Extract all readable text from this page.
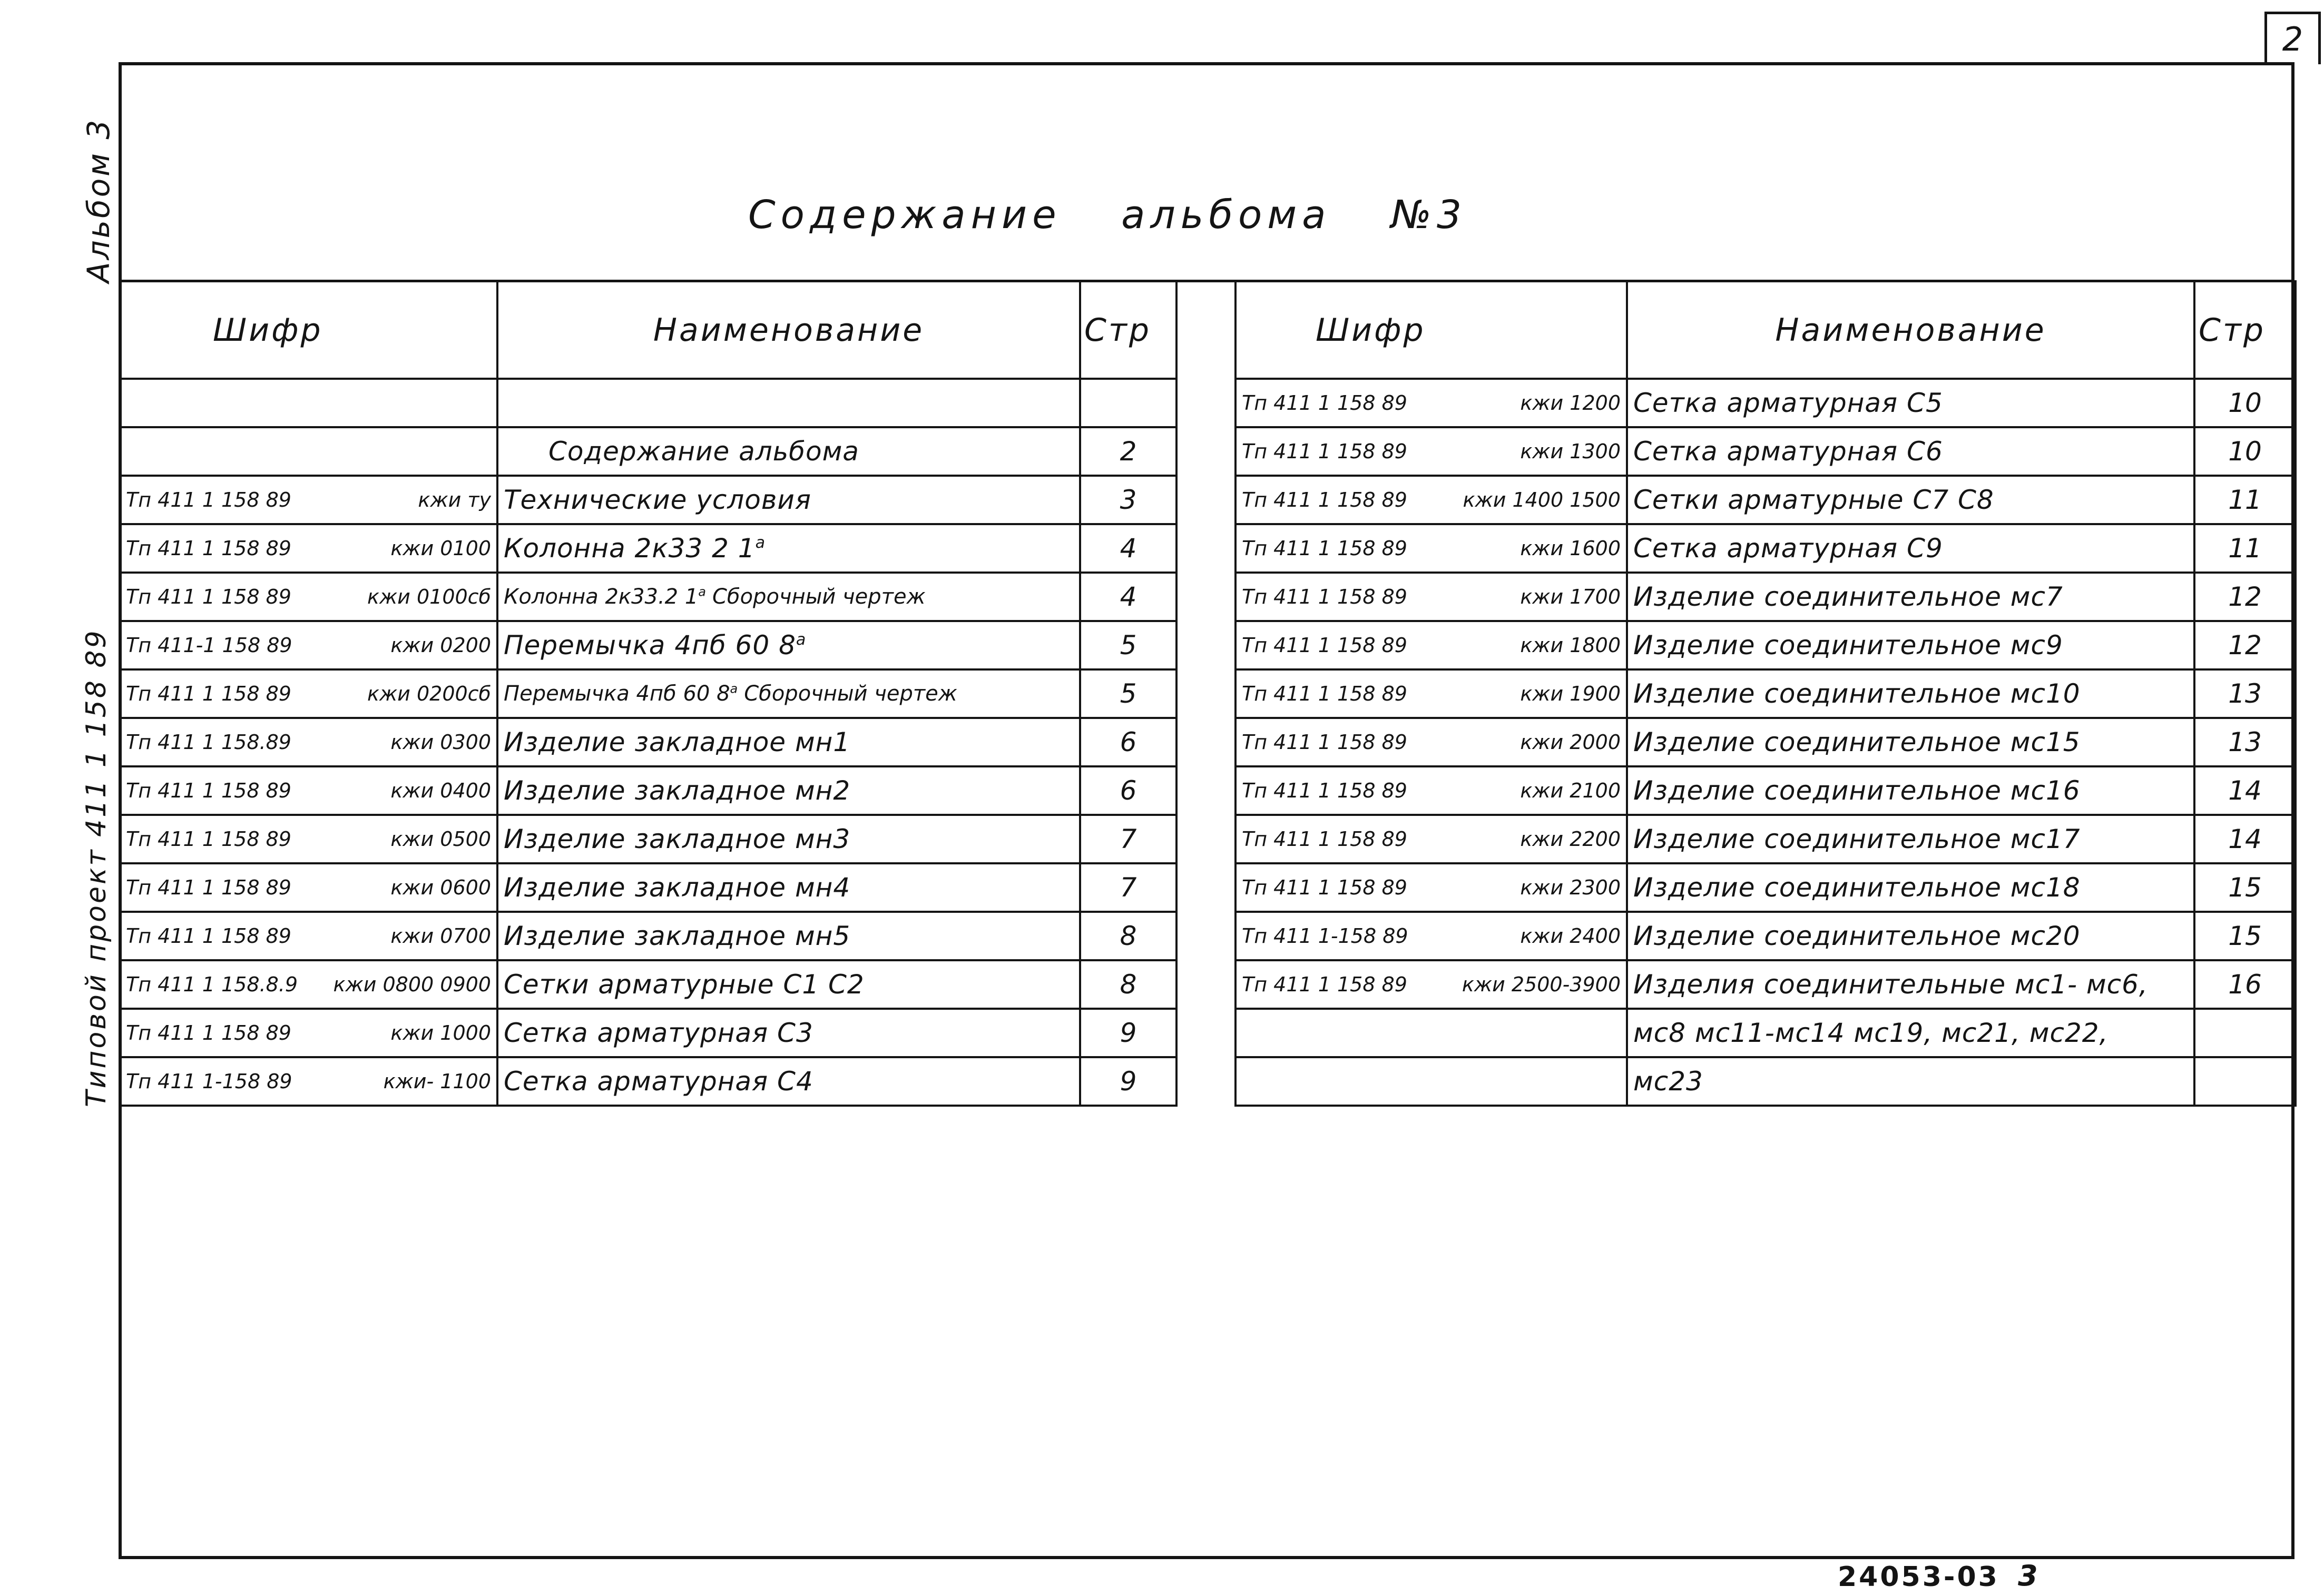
2
Альбом 3
Типовой проект 411 1 158 89
Содержание альбома №3
Шифр	Наименование	Стр

	Содержание альбома	2

Тп 411 1 158 89 кжи ту	Технические условия	3

Тп 411 1 158 89 кжи 0100	Колонна 2к33 2 $1^а$	4

Тп 411 1 158 89 кжи 0100сб	Колонна 2к33.2 $1^а$ Сборочный чертеж	4

Тп 411-1 158 89 кжи 0200	Перемычка 4пб 60 $8^а$	5

Тп 411 1 158 89 кжи 0200сб	Перемычка 4пб 60 $8^а$ Сборочный чертеж	5

Тп 411 1 158.89 кжи 0300	Изделие закладное мн1	6

Тп 411 1 158 89 кжи 0400	Изделие закладное мн2	6

Тп 411 1 158 89 кжи 0500	Изделие закладное мн3	7

Тп 411 1 158 89 кжи 0600	Изделие закладное мн4	7

Тп 411 1 158 89 кжи 0700	Изделие закладное мн5	8

Тп 411 1 158.8.9 кжи 0800 0900	Сетки арматурные С1 С2	8

Тп 411 1 158 89 кжи 1000	Сетка арматурная С3	9

Тп 411 1-158 89 кжи- 1100	Сетка арматурная С4	9
Шифр	Наименование	Стр

Тп 411 1 158 89 кжи 1200	Сетка арматурная С5	10

Тп 411 1 158 89 кжи 1300	Сетка арматурная С6	10

Тп 411 1 158 89 кжи 1400 1500	Сетки арматурные С7 С8	11

Тп 411 1 158 89 кжи 1600	Сетка арматурная С9	11

Тп 411 1 158 89 кжи 1700	Изделие соединительное мс7	12

Тп 411 1 158 89 кжи 1800	Изделие соединительное мс9	12

Тп 411 1 158 89 кжи 1900	Изделие соединительное мс10	13

Тп 411 1 158 89 кжи 2000	Изделие соединительное мс15	13

Тп 411 1 158 89 кжи 2100	Изделие соединительное мс16	14

Тп 411 1 158 89 кжи 2200	Изделие соединительное мс17	14

Тп 411 1 158 89 кжи 2300	Изделие соединительное мс18	15

Тп 411 1-158 89 кжи 2400	Изделие соединительное мс20	15

Тп 411 1 158 89 кжи 2500-3900	Изделия соединительные мс1- мс6,	16
	мс8 мс11-мс14 мс19, мс21, мс22,	
	мс23	
24053-03 3
